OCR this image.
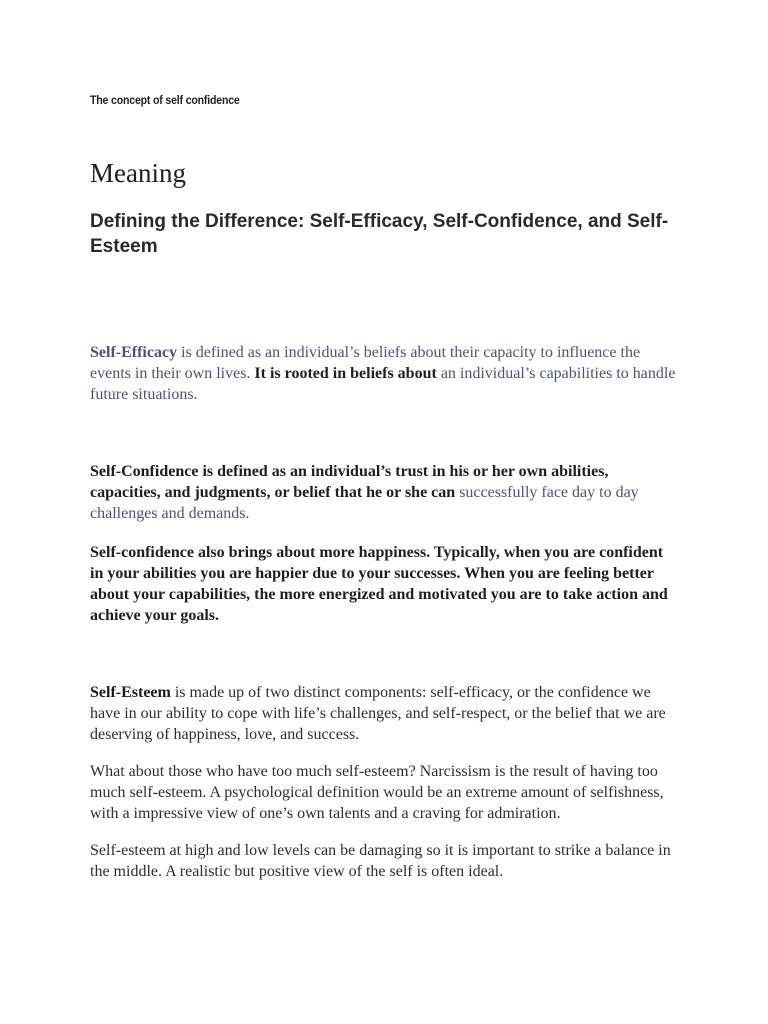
The concept of self confidence
Meaning
Defining the Difference: Self-Efficacy, Self-Confidence, and Self-Esteem

Self-Efficacy is defined as an individual’s beliefs about their capacity to influence the events in their own lives. It is rooted in beliefs about an individual’s capabilities to handle future situations.

Self-Confidence is defined as an individual’s trust in his or her own abilities, capacities, and judgments, or belief that he or she can successfully face day to day challenges and demands.

Self-confidence also brings about more happiness. Typically, when you are confident in your abilities you are happier due to your successes. When you are feeling better about your capabilities, the more energized and motivated you are to take action and achieve your goals.

Self-Esteem is made up of two distinct components: self-efficacy, or the confidence we have in our ability to cope with life’s challenges, and self-respect, or the belief that we are deserving of happiness, love, and success.

What about those who have too much self-esteem? Narcissism is the result of having too much self-esteem. A psychological definition would be an extreme amount of selfishness, with a impressive view of one’s own talents and a craving for admiration.

Self-esteem at high and low levels can be damaging so it is important to strike a balance in the middle. A realistic but positive view of the self is often ideal.
